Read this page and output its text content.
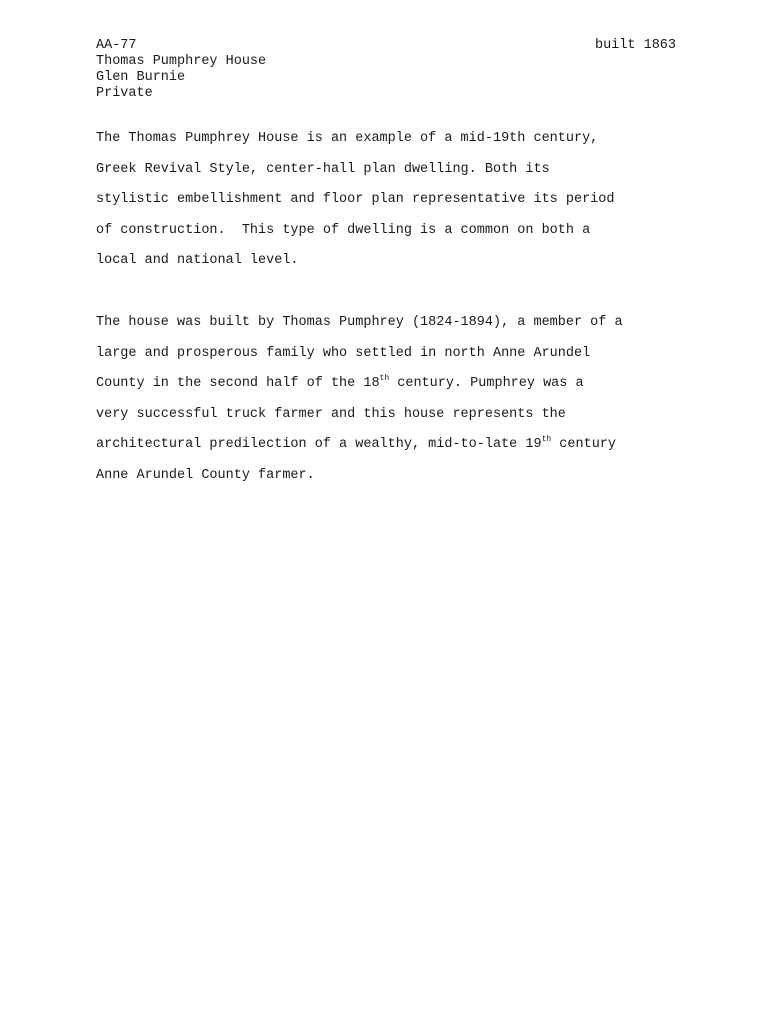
AA-77	built 1863
Thomas Pumphrey House
Glen Burnie
Private
The Thomas Pumphrey House is an example of a mid-19th century,
Greek Revival Style, center-hall plan dwelling. Both its
stylistic embellishment and floor plan representative its period
of construction.  This type of dwelling is a common on both a
local and national level.
The house was built by Thomas Pumphrey (1824-1894), a member of a
large and prosperous family who settled in north Anne Arundel
County in the second half of the 18th century. Pumphrey was a
very successful truck farmer and this house represents the
architectural predilection of a wealthy, mid-to-late 19th century
Anne Arundel County farmer.
